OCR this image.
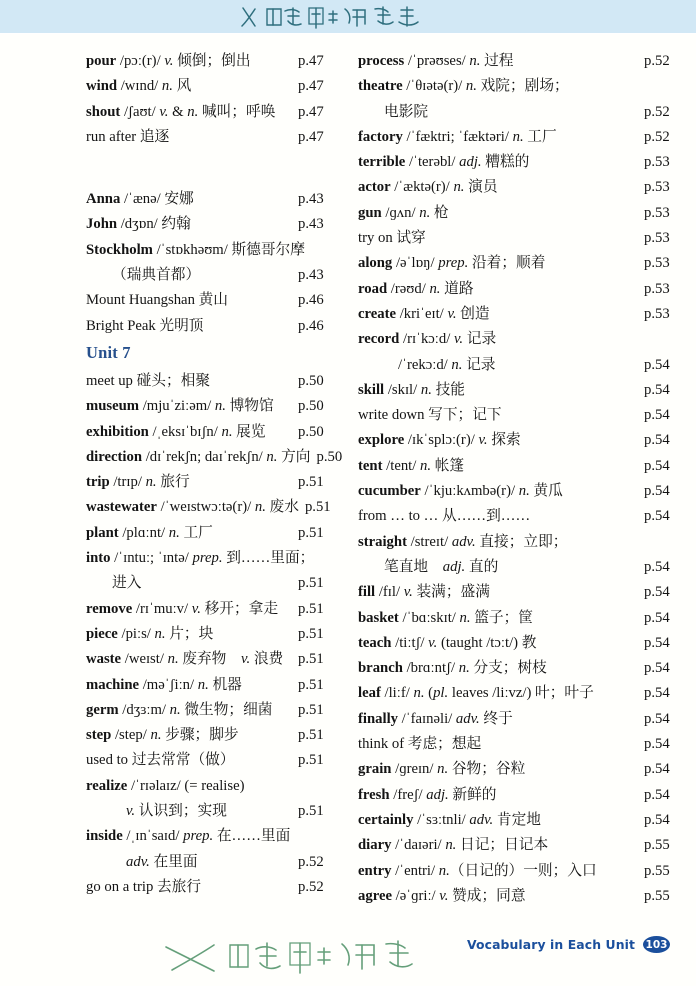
pour /pɔː(r)/ v. 倾倒；倒出	p.47
wind /wɪnd/ n. 风	p.47
shout /ʃaʊt/ v. & n. 喊叫；呼唤	p.47
run after 追逐	p.47
Anna /ˈænə/ 安娜	p.43
John /dʒɒn/ 约翰	p.43
Stockholm /ˈstɒkhəʊm/ 斯德哥尔摩
（瑞典首都）	p.43
Mount Huangshan 黄山	p.46
Bright Peak 光明顶	p.46
Unit 7
meet up 碰头；相聚	p.50
museum /mjuˈziːəm/ n. 博物馆	p.50
exhibition /ˌeksɪˈbɪʃn/ n. 展览	p.50
direction /dɪˈrekʃn; daɪˈrekʃn/ n. 方向 p.50
trip /trɪp/ n. 旅行	p.51
wastewater /ˈweɪstwɔːtə(r)/ n. 废水 p.51
plant /plɑːnt/ n. 工厂	p.51
into /ˈɪntuː; ˈɪntə/ prep. 到……里面；
进入	p.51
remove /rɪˈmuːv/ v. 移开；拿走	p.51
piece /piːs/ n. 片；块	p.51
waste /weɪst/ n. 废弃物　v. 浪费	p.51
machine /məˈʃiːn/ n. 机器	p.51
germ /dʒɜːm/ n. 微生物；细菌	p.51
step /step/ n. 步骤；脚步	p.51
used to 过去常常（做）	p.51
realize /ˈrɪəlaɪz/ (= realise)
v. 认识到；实现	p.51
inside /ˌɪnˈsaɪd/ prep. 在……里面
adv. 在里面	p.52
go on a trip 去旅行	p.52
process /ˈprəʊses/ n. 过程	p.52
theatre /ˈθɪətə(r)/ n. 戏院；剧场；
电影院	p.52
factory /ˈfæktri; ˈfæktəri/ n. 工厂	p.52
terrible /ˈterəbl/ adj. 糟糕的	p.53
actor /ˈæktə(r)/ n. 演员	p.53
gun /ɡʌn/ n. 枪	p.53
try on 试穿	p.53
along /əˈlɒŋ/ prep. 沿着；顺着	p.53
road /rəʊd/ n. 道路	p.53
create /kriˈeɪt/ v. 创造	p.53
record /rɪˈkɔːd/ v. 记录
/ˈrekɔːd/ n. 记录	p.54
skill /skɪl/ n. 技能	p.54
write down 写下；记下	p.54
explore /ɪkˈsplɔː(r)/ v. 探索	p.54
tent /tent/ n. 帐篷	p.54
cucumber /ˈkjuːkʌmbə(r)/ n. 黄瓜	p.54
from … to … 从……到……	p.54
straight /streɪt/ adv. 直接；立即；
笔直地　adj. 直的	p.54
fill /fɪl/ v. 装满；盛满	p.54
basket /ˈbɑːskɪt/ n. 篮子；筐	p.54
teach /tiːtʃ/ v. (taught /tɔːt/) 教	p.54
branch /brɑːntʃ/ n. 分支；树枝	p.54
leaf /liːf/ n. (pl. leaves /liːvz/) 叶；叶子	p.54
finally /ˈfaɪnəli/ adv. 终于	p.54
think of 考虑；想起	p.54
grain /ɡreɪn/ n. 谷物；谷粒	p.54
fresh /freʃ/ adj. 新鲜的	p.54
certainly /ˈsɜːtnli/ adv. 肯定地	p.54
diary /ˈdaɪəri/ n. 日记；日记本	p.55
entry /ˈentri/ n.（日记的）一则；入口	p.55
agree /əˈɡriː/ v. 赞成；同意	p.55
Vocabulary in Each Unit 103
